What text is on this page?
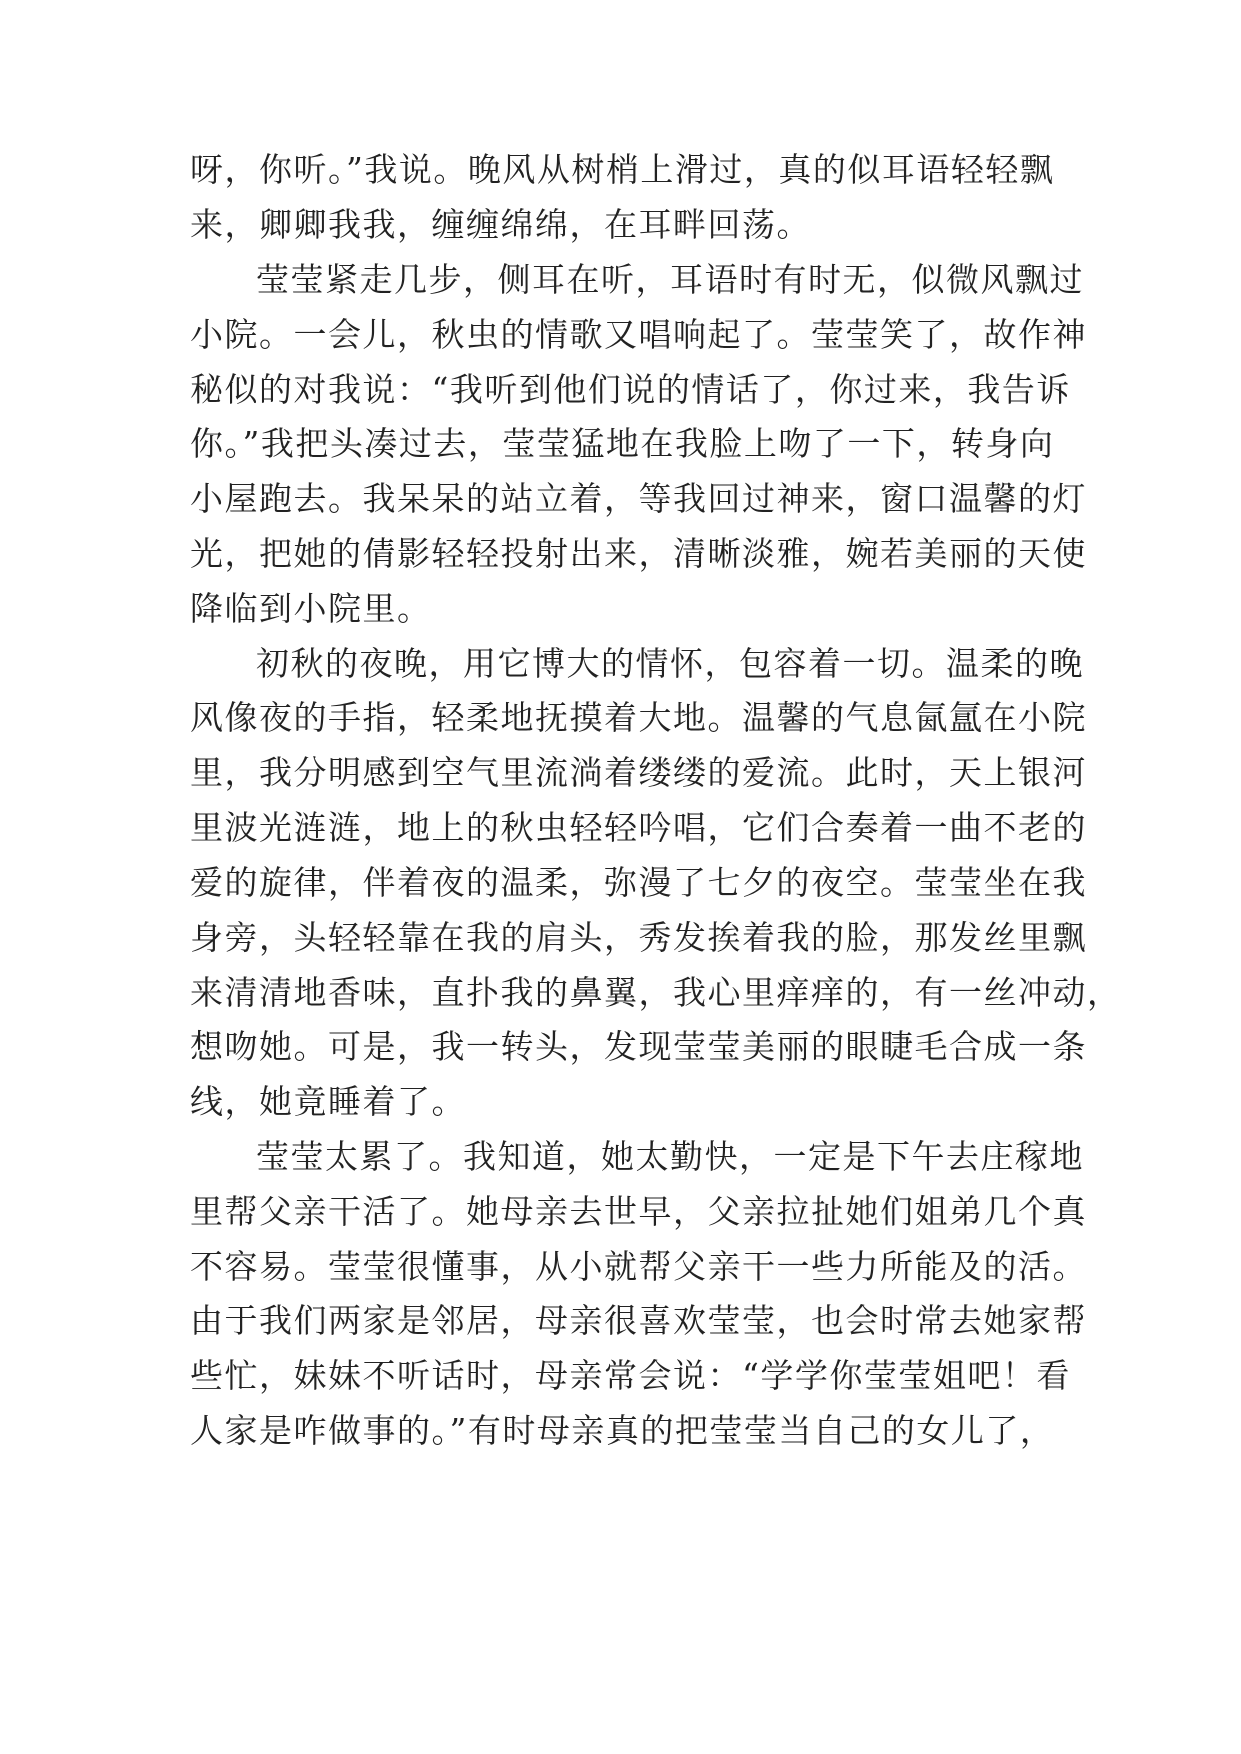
呀，你听。”我说。晚风从树梢上滑过，真的似耳语轻轻飘
来，卿卿我我，缠缠绵绵，在耳畔回荡。
莹莹紧走几步，侧耳在听，耳语时有时无，似微风飘过
小院。一会儿，秋虫的情歌又唱响起了。莹莹笑了，故作神
秘似的对我说：“我听到他们说的情话了，你过来，我告诉
你。”我把头凑过去，莹莹猛地在我脸上吻了一下，转身向
小屋跑去。我呆呆的站立着，等我回过神来，窗口温馨的灯
光，把她的倩影轻轻投射出来，清晰淡雅，婉若美丽的天使
降临到小院里。
初秋的夜晚，用它博大的情怀，包容着一切。温柔的晚
风像夜的手指，轻柔地抚摸着大地。温馨的气息氤氲在小院
里，我分明感到空气里流淌着缕缕的爱流。此时，天上银河
里波光涟涟，地上的秋虫轻轻吟唱，它们合奏着一曲不老的
爱的旋律，伴着夜的温柔，弥漫了七夕的夜空。莹莹坐在我
身旁，头轻轻靠在我的肩头，秀发挨着我的脸，那发丝里飘
来清清地香味，直扑我的鼻翼，我心里痒痒的，有一丝冲动，
想吻她。可是，我一转头，发现莹莹美丽的眼睫毛合成一条
线，她竟睡着了。
莹莹太累了。我知道，她太勤快，一定是下午去庄稼地
里帮父亲干活了。她母亲去世早，父亲拉扯她们姐弟几个真
不容易。莹莹很懂事，从小就帮父亲干一些力所能及的活。
由于我们两家是邻居，母亲很喜欢莹莹，也会时常去她家帮
些忙，妹妹不听话时，母亲常会说：“学学你莹莹姐吧！看
人家是咋做事的。”有时母亲真的把莹莹当自己的女儿了，
